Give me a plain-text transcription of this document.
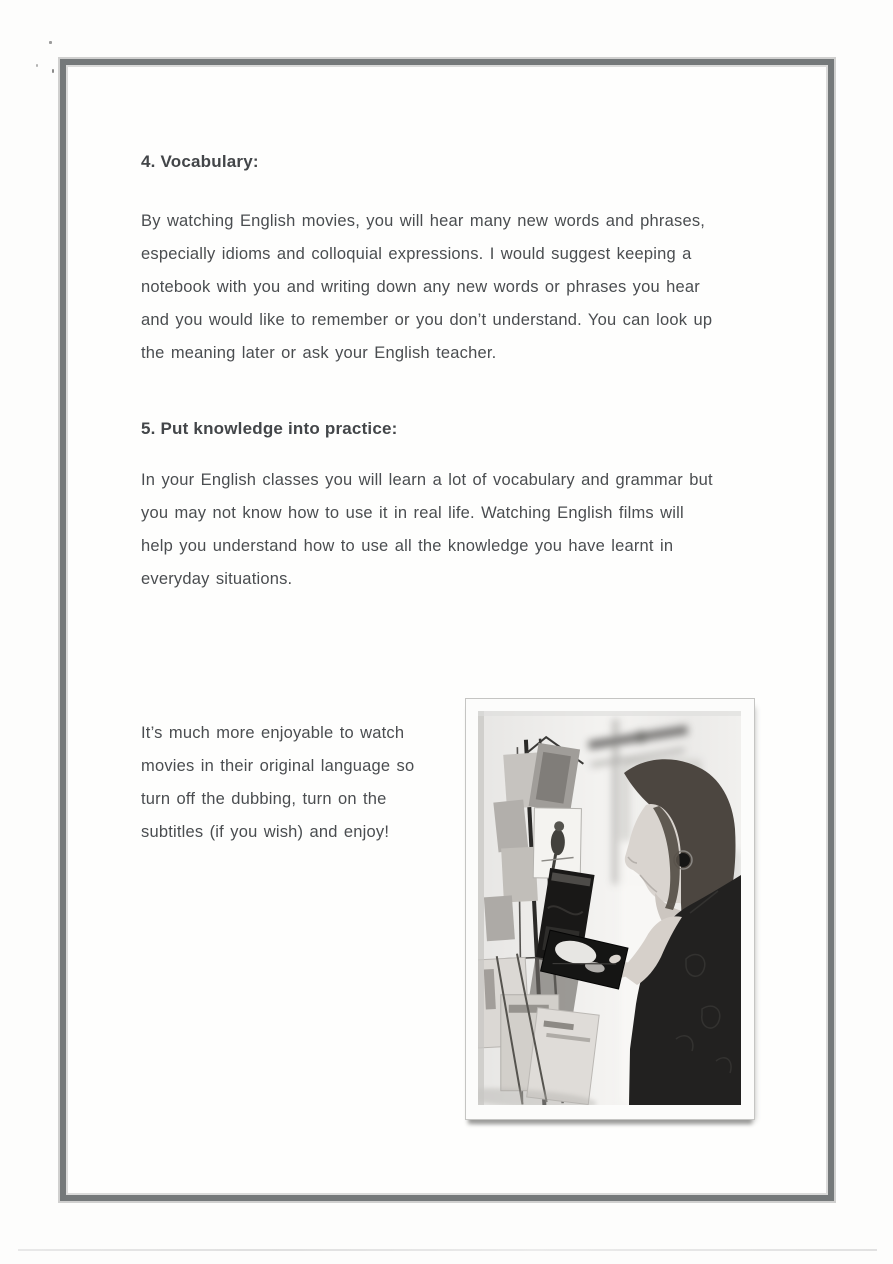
4. Vocabulary:
By watching English movies, you will hear many new words and phrases,
especially idioms and colloquial expressions. I would suggest keeping a
notebook with you and writing down any new words or phrases you hear
and you would like to remember or you don’t understand. You can look up
the meaning later or ask your English teacher.
5. Put knowledge into practice:
In your English classes you will learn a lot of vocabulary and grammar but
you may not know how to use it in real life. Watching English films will
help you understand how to use all the knowledge you have learnt in
everyday situations.
It’s much more enjoyable to watch
movies in their original language so
turn off the dubbing, turn on the
subtitles (if you wish) and enjoy!
